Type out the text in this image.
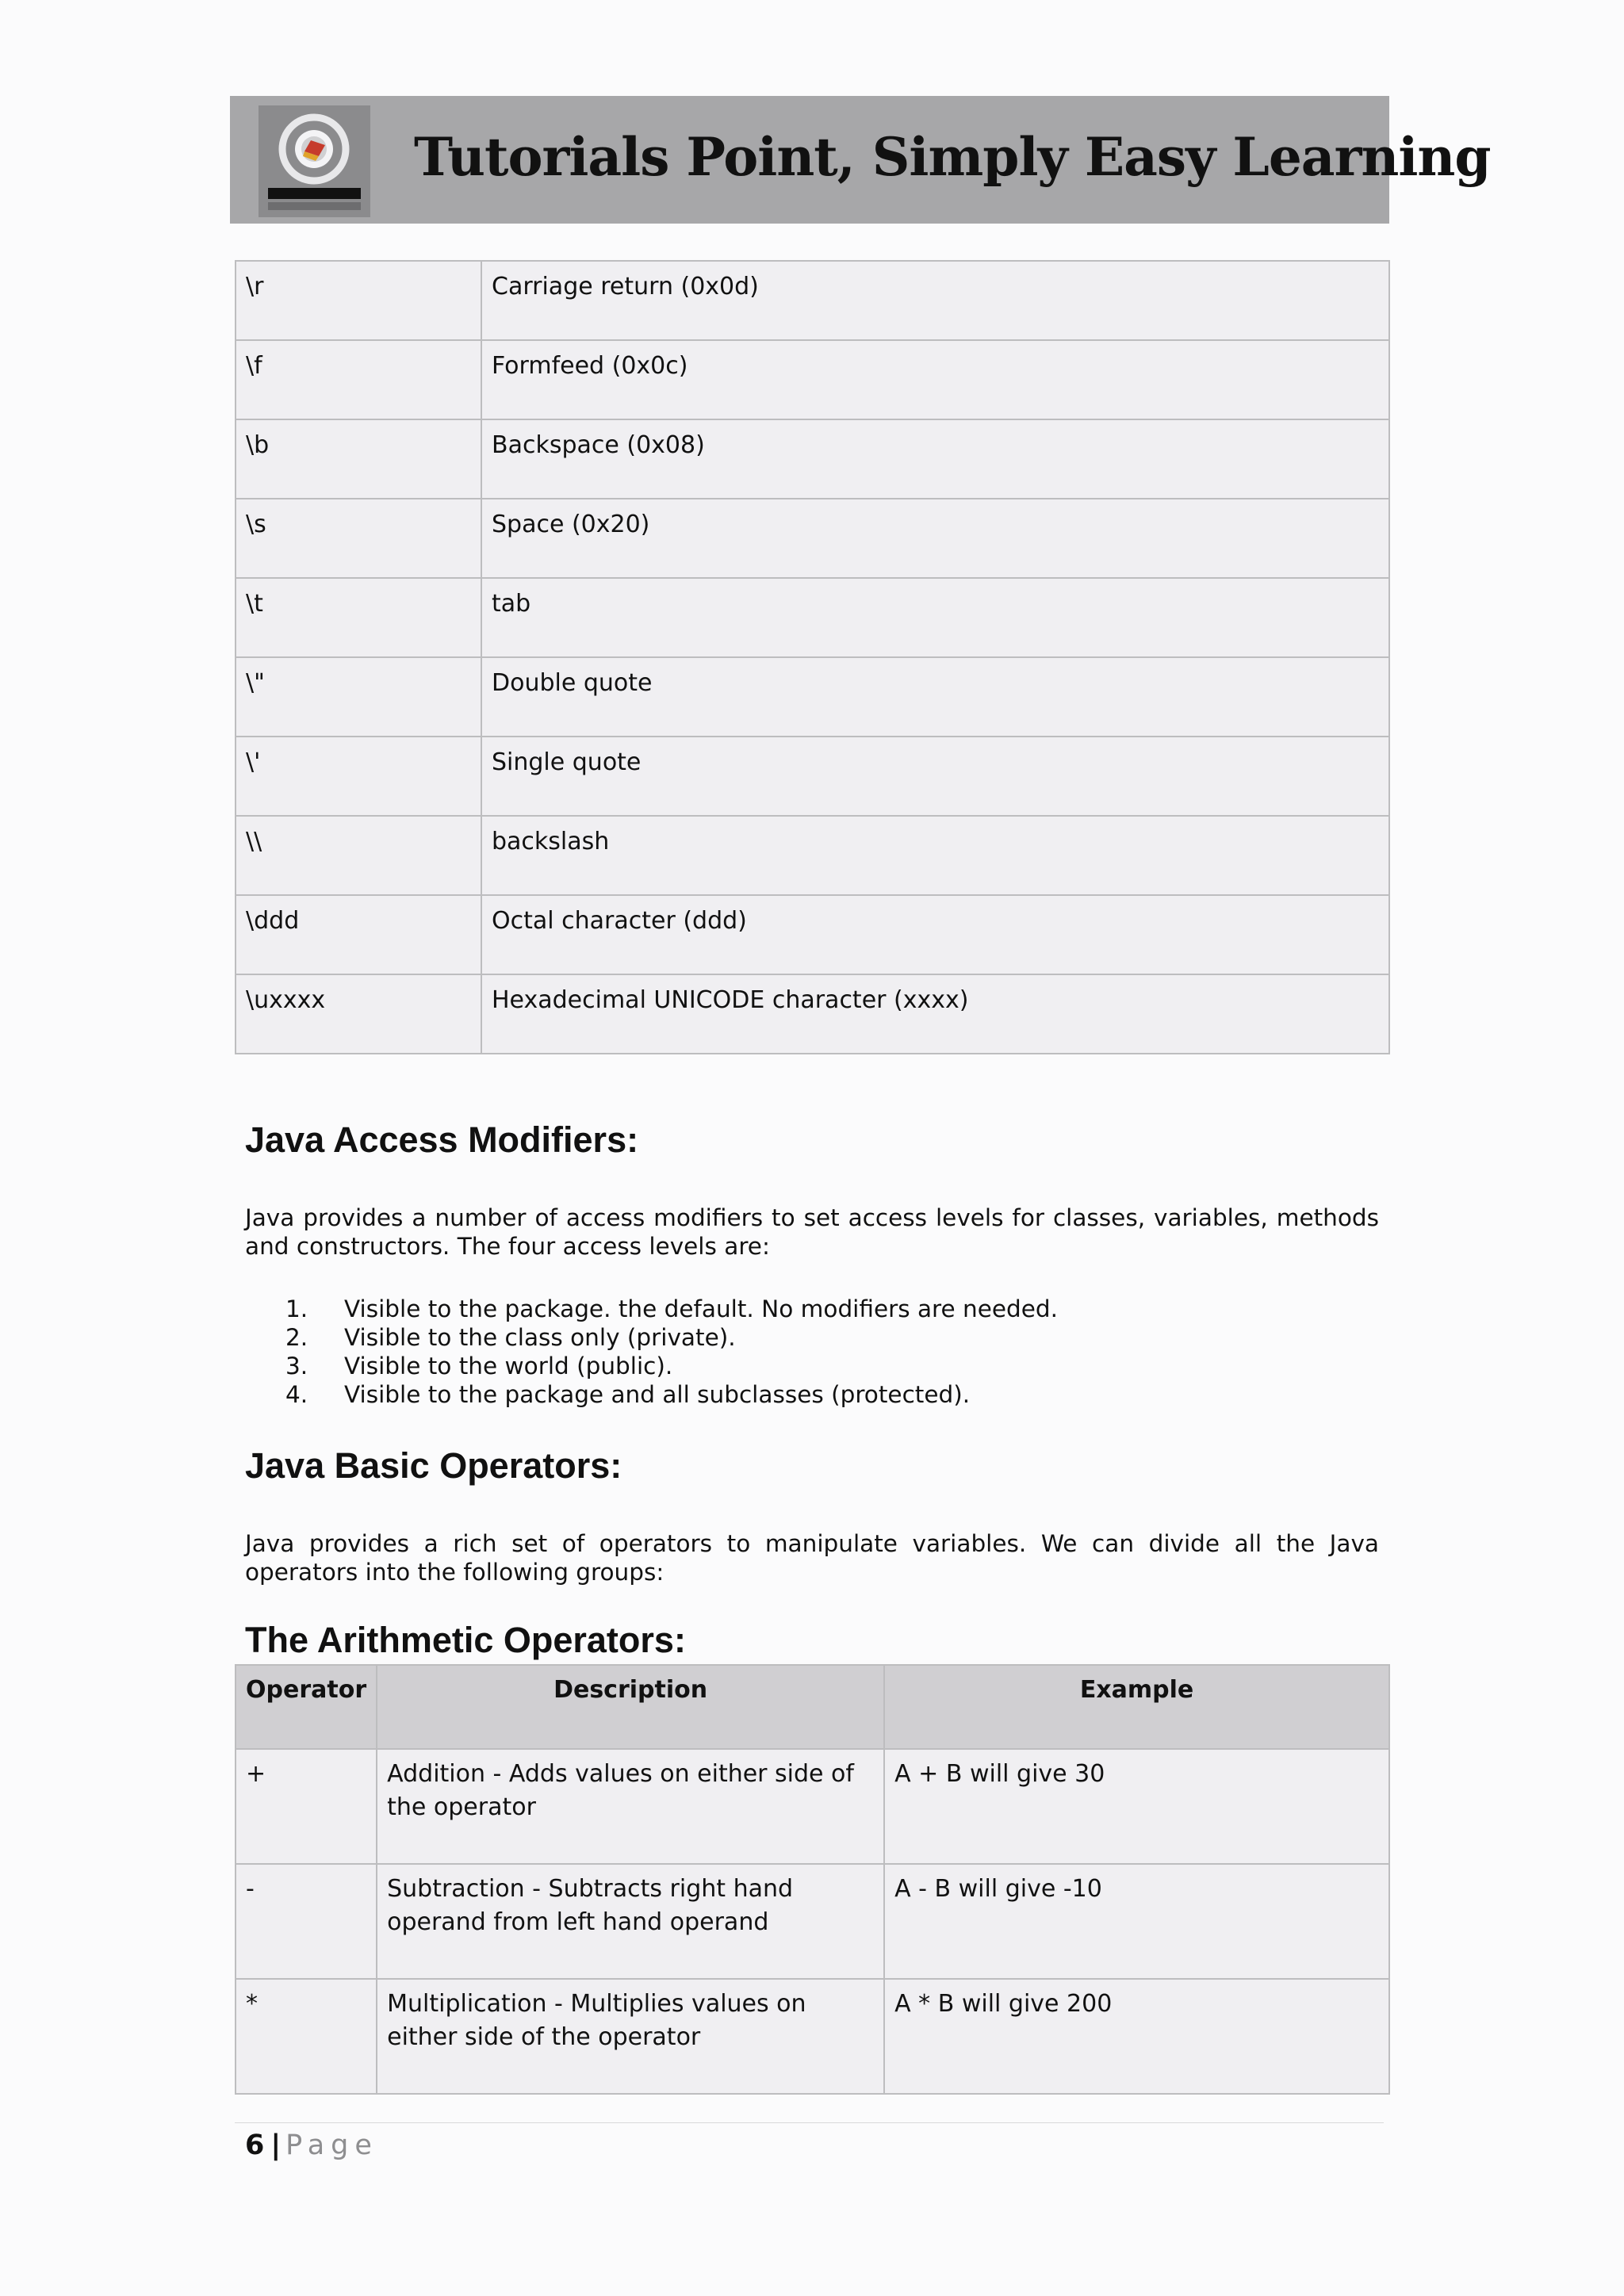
Tutorials Point, Simply Easy Learning
\r	Carriage return (0x0d)
\f	Formfeed (0x0c)
\b	Backspace (0x08)
\s	Space (0x20)
\t	tab
\"	Double quote
\'	Single quote
\\	backslash
\ddd	Octal character (ddd)
\uxxxx	Hexadecimal UNICODE character (xxxx)
Java Access Modifiers:

Java provides a number of access modifiers to set access levels for classes, variables, methods and constructors. The four access levels are:

1.	Visible to the package. the default. No modifiers are needed.
2.	Visible to the class only (private).
3.	Visible to the world (public).
4.	Visible to the package and all subclasses (protected).
Java Basic Operators:

Java provides a rich set of operators to manipulate variables. We can divide all the Java operators into the following groups:

The Arithmetic Operators:
Operator	Description	Example
+	Addition - Adds values on either side of the operator	A + B will give 30
-	Subtraction - Subtracts right hand operand from left hand operand	A - B will give -10
*	Multiplication - Multiplies values on either side of the operator	A * B will give 200
6 | Page
